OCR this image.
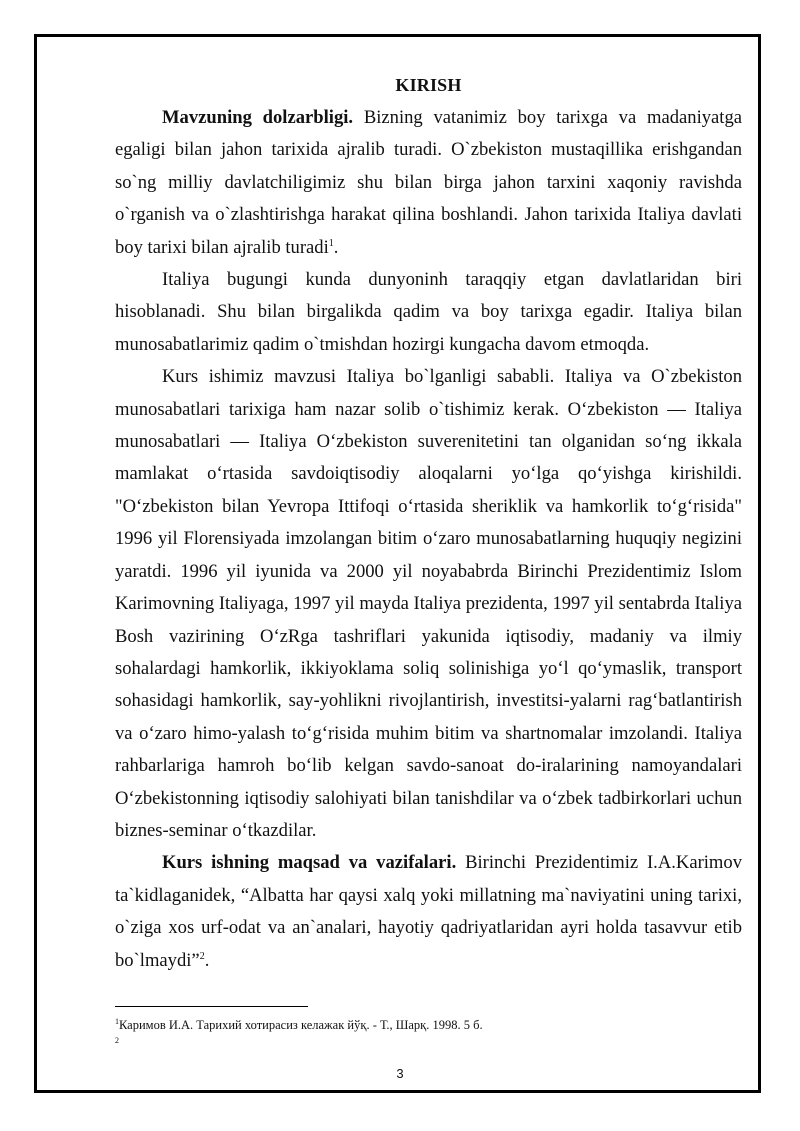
KIRISH

Mavzuning dolzarbligi. Bizning vatanimiz boy tarixga va madaniyatga egaligi bilan jahon tarixida ajralib turadi. O`zbekiston mustaqillika erishgandan so`ng milliy davlatchiligimiz shu bilan birga jahon tarxini xaqoniy ravishda o`rganish va o`zlashtirishga harakat qilina boshlandi. Jahon tarixida Italiya davlati boy tarixi bilan ajralib turadi$^1$.

Italiya bugungi kunda dunyoninh taraqqiy etgan davlatlaridan biri hisoblanadi. Shu bilan birgalikda qadim va boy tarixga egadir. Italiya bilan munosabatlarimiz qadim o`tmishdan hozirgi kungacha davom etmoqda.

Kurs ishimiz mavzusi Italiya bo`lganligi sababli. Italiya va O`zbekiston munosabatlari tarixiga ham nazar solib o`tishimiz kerak. O‘zbekiston — Italiya munosabatlari — Italiya O‘zbekiston suverenitetini tan olganidan so‘ng ikkala mamlakat o‘rtasida savdoiqtisodiy aloqalarni yo‘lga qo‘yishga kirishildi. "O‘zbekiston bilan Yevropa Ittifoqi o‘rtasida sheriklik va hamkorlik to‘g‘risida" 1996 yil Florensiyada imzolangan bitim o‘zaro munosabatlarning huquqiy negizini yaratdi. 1996 yil iyunida va 2000 yil noyababrda Birinchi Prezidentimiz Islom Karimovning Italiyaga, 1997 yil mayda Italiya prezidenta, 1997 yil sentabrda Italiya Bosh vazirining O‘zRga tashriflari yakunida iqtisodiy, madaniy va ilmiy sohalardagi hamkorlik, ikkiyoklama soliq solinishiga yo‘l qo‘ymaslik, transport sohasidagi hamkorlik, say-yohlikni rivojlantirish, investitsi-yalarni rag‘batlantirish va o‘zaro himo-yalash to‘g‘risida muhim bitim va shartnomalar imzolandi. Italiya rahbarlariga hamroh bo‘lib kelgan savdo-sanoat do-iralarining namoyandalari O‘zbekistonning iqtisodiy salohiyati bilan tanishdilar va o‘zbek tadbirkorlari uchun biznes-seminar o‘tkazdilar.

Kurs ishning maqsad va vazifalari. Birinchi Prezidentimiz I.A.Karimov ta`kidlaganidek, “Albatta har qaysi xalq yoki millatning ma`naviyatini uning tarixi, o`ziga xos urf-odat va an`analari, hayotiy qadriyatlaridan ayri holda tasavvur etib bo`lmaydi”$^2$.

$^1$Каримов И.А. Тарихий хотирасиз келажак йўқ. - Т., Шарқ. 1998. 5 б.
$^2$
3
